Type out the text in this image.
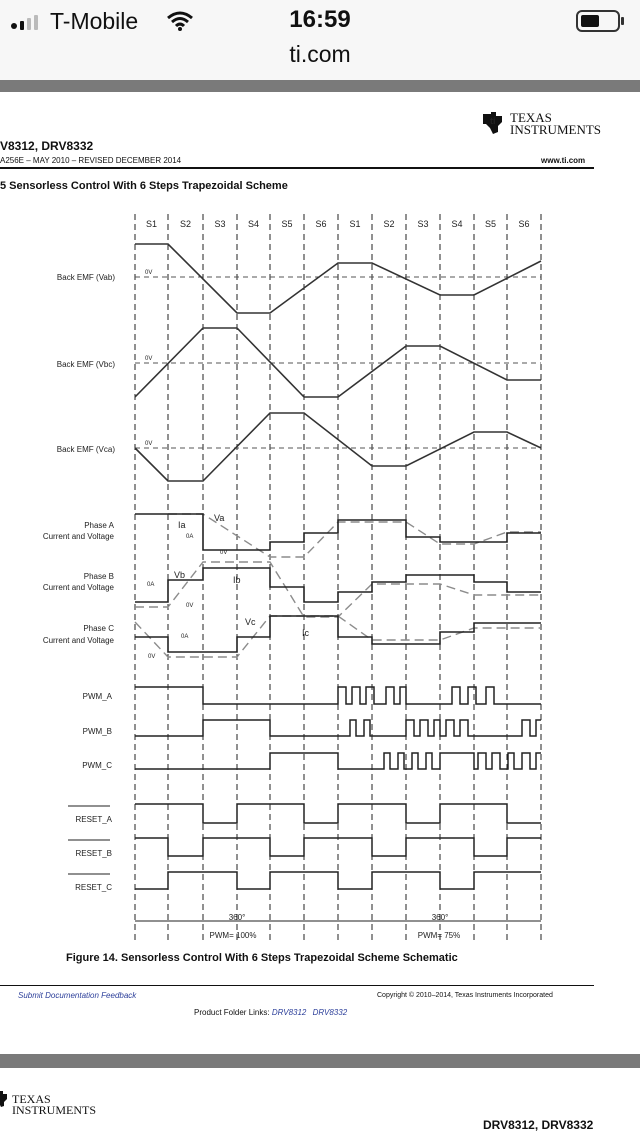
T-Mobile	16:59
ti.com
ti TEXAS
INSTRUMENTS
V8312, DRV8332
A256E – MAY 2010 – REVISED DECEMBER 2014	www.ti.com
5 Sensorless Control With 6 Steps Trapezoidal Scheme
S1	S2	S3 S4 S5	S6	S1	S2	S3	S4 S5 S6
Back EMF (Vab)
Back EMF (Vbc)
Back EMF (Vca)
Phase A
Current and Voltage
Phase B
Current and Voltage
Phase C
Current and Voltage
PWM_A
PWM_B
PWM_C
RESET_A
RESET_B
RESET_C
0V
0V
0V
0A
0A
0A
0V
0V
0V
Ia
Ib
Ic
Va
Vb
Vc
360°	360°
PWM= 100%	PWM= 75%
Figure 14. Sensorless Control With 6 Steps Trapezoidal Scheme Schematic
Submit Documentation Feedback	Copyright © 2010–2014, Texas Instruments Incorporated
Product Folder Links: DRV8312 DRV8332
TEXAS
INSTRUMENTS
DRV8312, DRV8332
